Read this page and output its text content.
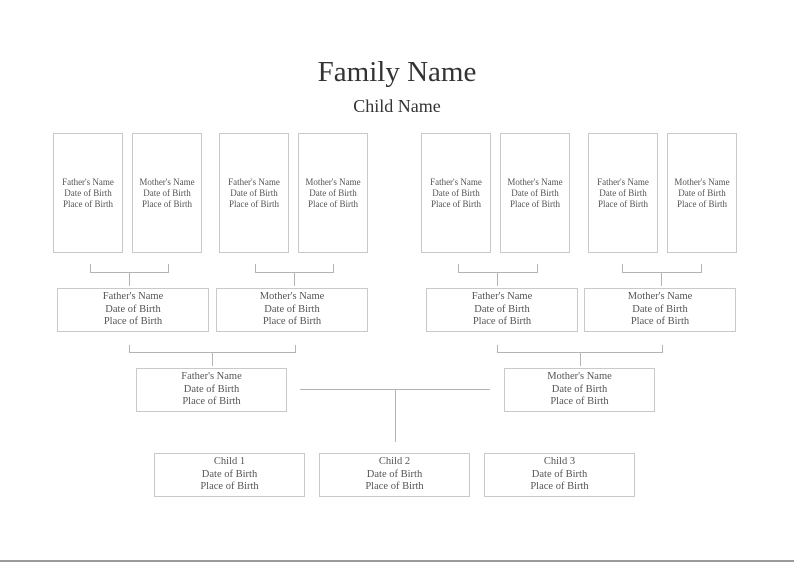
Family Name
Child Name
Father's Name
Date of Birth
Place of Birth
Mother's Name
Date of Birth
Place of Birth
Father's Name
Date of Birth
Place of Birth
Mother's Name
Date of Birth
Place of Birth
Father's Name
Date of Birth
Place of Birth
Mother's Name
Date of Birth
Place of Birth
Father's Name
Date of Birth
Place of Birth
Mother's Name
Date of Birth
Place of Birth
Father's Name
Date of Birth
Place of Birth
Mother's Name
Date of Birth
Place of Birth
Father's Name
Date of Birth
Place of Birth
Mother's Name
Date of Birth
Place of Birth
Father's Name
Date of Birth
Place of Birth
Mother's Name
Date of Birth
Place of Birth
Child 1
Date of Birth
Place of Birth
Child 2
Date of Birth
Place of Birth
Child 3
Date of Birth
Place of Birth
